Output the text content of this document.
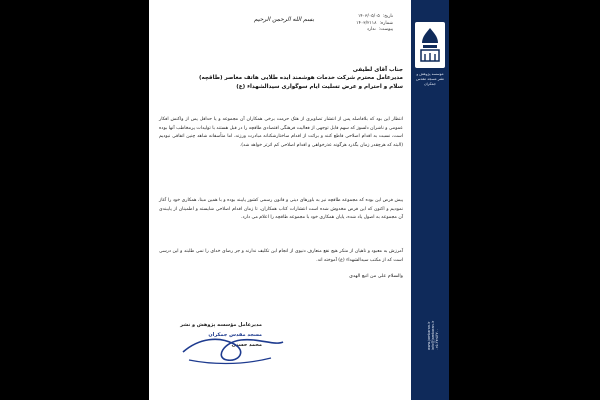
موسسه پژوهش و نشر مسجد مقدس جمکران
www.jamkaran.ir info@jamkaran.ir ۰۲۵-۳۷۲۵۳۷۰۰
بسم الله الرحمن الرحيم	تاریخ:
۱۴۰۳/۰۵/۰۵
شماره:
۱۴۰۳/۲۱۱۸
پیوست:
ندارد
جناب آقای لطیفی
مدیرعامل محترم شرکت خدمات هوشمند ایده طلایی هاتف معاصر (طاقچه)
سلام و احترام و عرض تسلیت ایام سوگواری سیدالشهداء (ع)
انتظار این بود که بلافاصله پس از انتشار تصاویری از هتک حرمت برخی همکاران آن مجموعه و یا حداقل پس از واکنش افکار عمومی و ناشران دلسوز که سهم قابل توجهی از فعالیت فرهنگی اقتصادی طاقچه را در قبل هستند با تولیدات پرمخاطب آنها بوده است، نسبت به اقدام اصلاحی قاطع کنند و برائت از اقدام ساختارشکنانه مبادرت ورزند، اما متأسفانه شاهد چنین اتفاقی نبودیم (البته که هرچقدر زمان بگذرد هرگونه عذرخواهی و اقدام اصلاحی کم اثرتر خواهد شد).
پیش فرض این بوده که مجموعه طاقچه نیز به باورهای دینی و قانون رسمی کشور پایبند بوده و با همین مبنا، همکاری خود را آغاز نمودیم و اکنون که این فرض مخدوش شده است انتشارات کتاب همکاران، تا زمان اقدام اصلاحی شایسته و اطمینان از پایبندی آن مجموعه به اصول یاد شده، پایان همکاری خود با مجموعه طاقچه را اعلام می دارد.
آمرزش به معبود و ناهیان از منکر هیچ نفع منعارف دنیوی از انجام این تکلیف ندارند و جز رضای خدای را نمی طلبند و این درسی است که از مکتب سیدالشهداء (ع) آموخته اند.
والسلام علی من اتبع الهدی
مدیرعامل مؤسسه پژوهش و نشر
مسجد مقدس جمکران
محمد حسنی
